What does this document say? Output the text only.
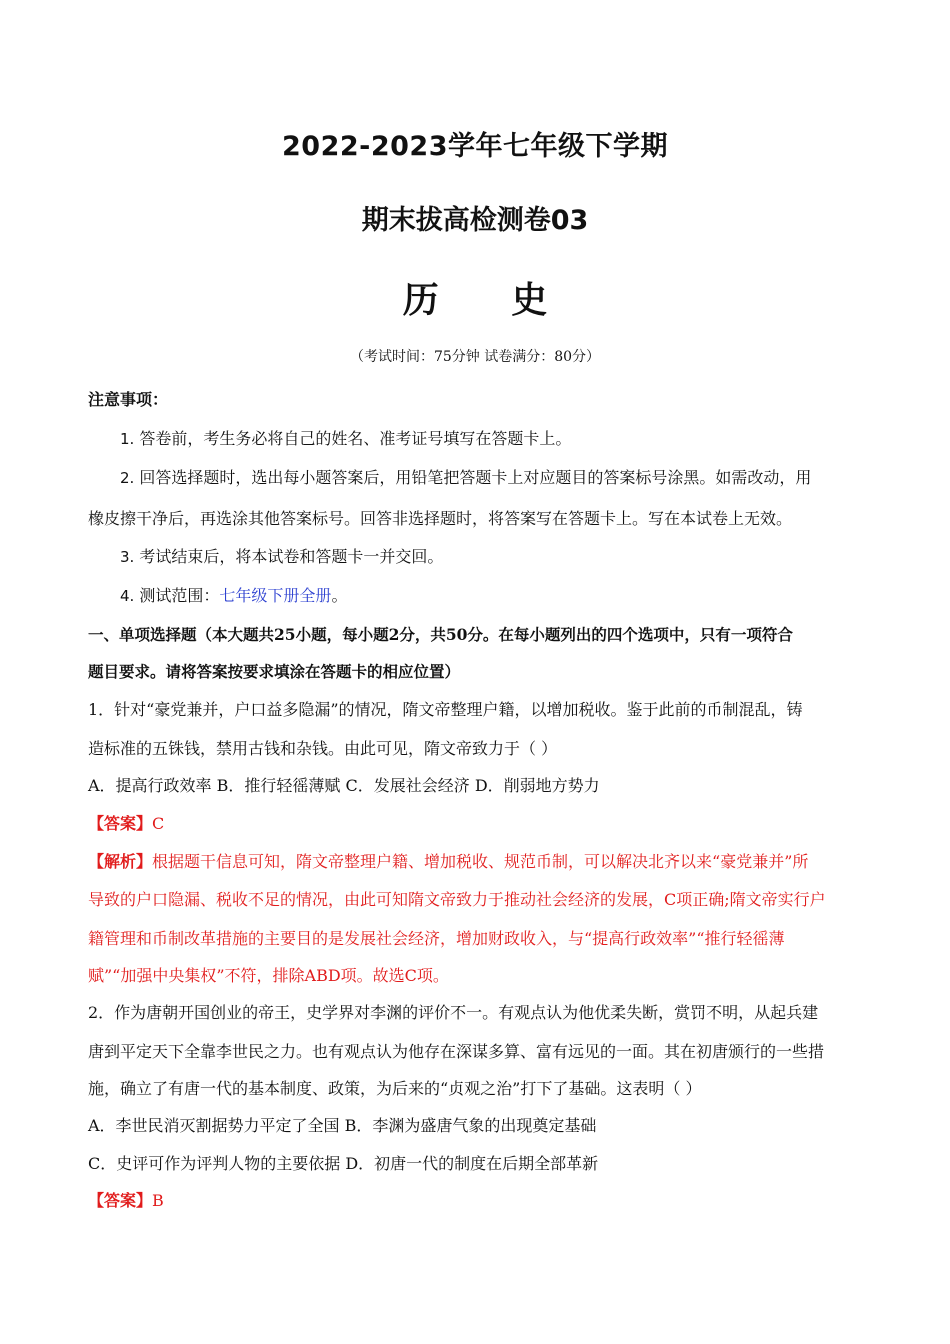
2022-2023学年七年级下学期
期末拔高检测卷03
历 史
（考试时间：75分钟 试卷满分：80分）
注意事项：
1. 答卷前，考生务必将自己的姓名、准考证号填写在答题卡上。
2. 回答选择题时，选出每小题答案后，用铅笔把答题卡上对应题目的答案标号涂黑。如需改动，用
橡皮擦干净后，再选涂其他答案标号。回答非选择题时，将答案写在答题卡上。写在本试卷上无效。
3. 考试结束后，将本试卷和答题卡一并交回。
4. 测试范围：七年级下册全册。
一、单项选择题（本大题共25小题，每小题2分，共50分。在每小题列出的四个选项中，只有一项符合
题目要求。请将答案按要求填涂在答题卡的相应位置）
1．针对“豪党兼并，户口益多隐漏”的情况，隋文帝整理户籍，以增加税收。鉴于此前的币制混乱，铸
造标准的五铢钱，禁用古钱和杂钱。由此可见，隋文帝致力于（ ）
A．提高行政效率 B．推行轻徭薄赋 C．发展社会经济 D．削弱地方势力
【答案】C
【解析】根据题干信息可知，隋文帝整理户籍、增加税收、规范币制，可以解决北齐以来“豪党兼并”所
导致的户口隐漏、税收不足的情况，由此可知隋文帝致力于推动社会经济的发展，C项正确;隋文帝实行户
籍管理和币制改革措施的主要目的是发展社会经济，增加财政收入，与“提高行政效率”“推行轻徭薄
赋”“加强中央集权”不符，排除ABD项。故选C项。
2．作为唐朝开国创业的帝王，史学界对李渊的评价不一。有观点认为他优柔失断，赏罚不明，从起兵建
唐到平定天下全靠李世民之力。也有观点认为他存在深谋多算、富有远见的一面。其在初唐颁行的一些措
施，确立了有唐一代的基本制度、政策，为后来的“贞观之治”打下了基础。这表明（ ）
A．李世民消灭割据势力平定了全国 B．李渊为盛唐气象的出现奠定基础
C．史评可作为评判人物的主要依据 D．初唐一代的制度在后期全部革新
【答案】B
